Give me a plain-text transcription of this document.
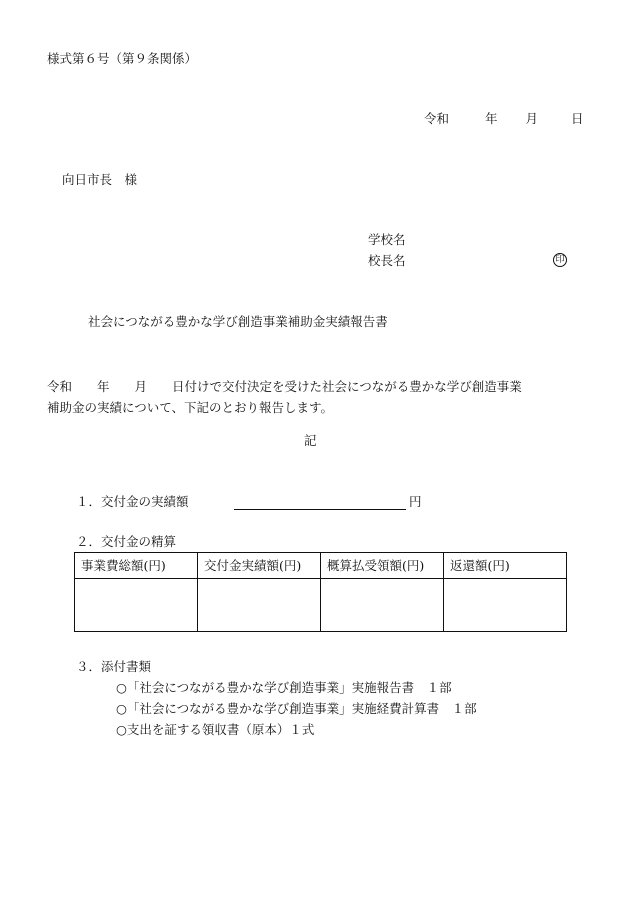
様式第６号（第９条関係）
令和	年 月	日
向日市長　様
学校名
校長名	印
社会につながる豊かな学び創造事業補助金実績報告書
令和　　年　　月　　日付けで交付決定を受けた社会につながる豊かな学び創造事業
補助金の実績について、下記のとおり報告します。
記
１．交付金の実績額	円
２．交付金の精算
事業費総額(円)	交付金実績額(円)	概算払受領額(円)	返還額(円)

３．添付書類
○「社会につながる豊かな学び創造事業」実施報告書　１部
○「社会につながる豊かな学び創造事業」実施経費計算書　１部
○支出を証する領収書（原本）１式
